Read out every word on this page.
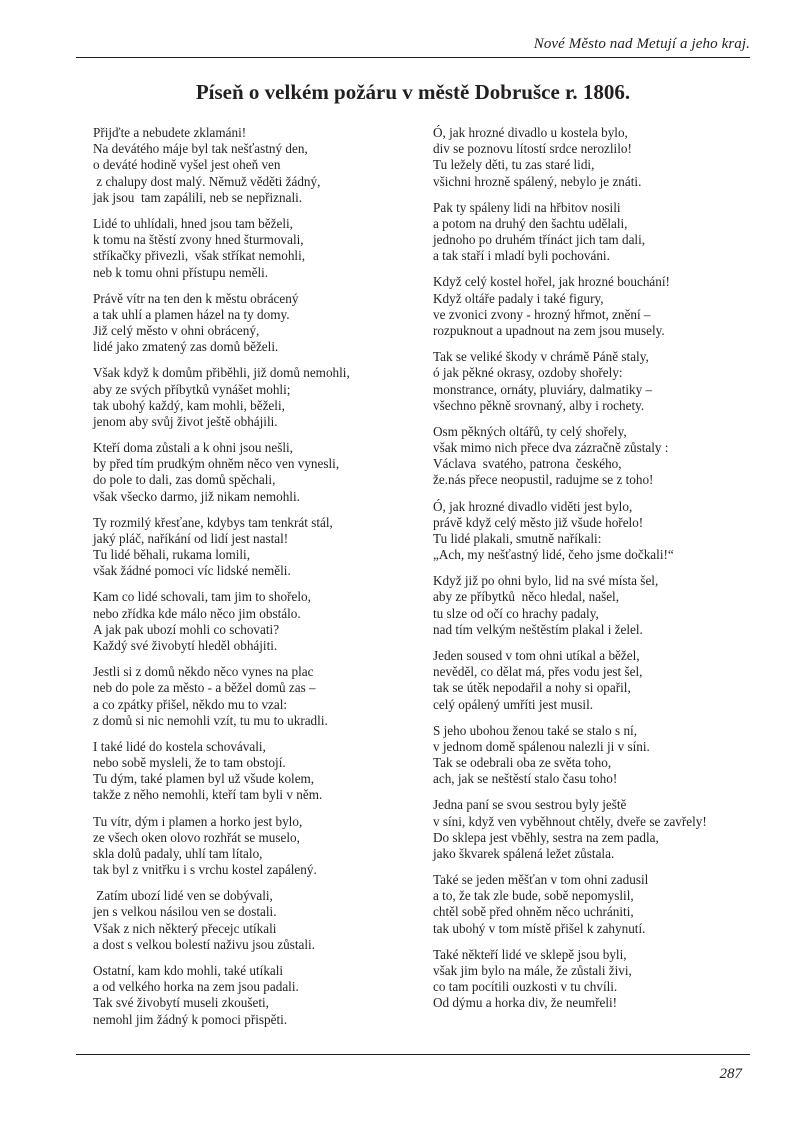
Nové Město nad Metují a jeho kraj.
Píseň o velkém požáru v městě Dobrušce r. 1806.
Přijďte a nebudete zklamáni!
Na devátého máje byl tak nešťastný den,
o deváté hodině vyšel jest oheň ven
z chalupy dost malý. Němuž věděti žádný,
jak jsou  tam zapálili, neb se nepřiznali.
Lidé to uhlídali, hned jsou tam běželi,
k tomu na štěstí zvony hned šturmovali,
stříkačky přivezli,  však stříkat nemohli,
neb k tomu ohni přístupu neměli.
Právě vítr na ten den k městu obrácený
a tak uhlí a plamen házel na ty domy.
Již celý město v ohni obrácený,
lidé jako zmatený zas domů běželi.
Však když k domům přiběhli, již domů nemohli,
aby ze svých příbytků vynášet mohli;
tak ubohý každý, kam mohli, běželi,
jenom aby svůj život ještě obhájili.
Kteří doma zůstali a k ohni jsou nešli,
by před tím prudkým ohněm něco ven vynesli,
do pole to dali, zas domů spěchali,
však všecko darmo, již nikam nemohli.
Ty rozmilý křesťane, kdybys tam tenkrát stál,
jaký pláč, naříkání od lidí jest nastal!
Tu lidé běhali, rukama lomili,
však žádné pomoci víc lidské neměli.
Kam co lidé schovali, tam jim to shořelo,
nebo zřídka kde málo něco jim obstálo.
A jak pak ubozí mohli co schovati?
Každý své živobytí hleděl obhájiti.
Jestli si z domů někdo něco vynes na plac
neb do pole za město - a běžel domů zas –
a co zpátky přišel, někdo mu to vzal:
z domů si nic nemohli vzít, tu mu to ukradli.
I také lidé do kostela schovávali,
nebo sobě mysleli, že to tam obstojí.
Tu dým, také plamen byl už všude kolem,
takže z něho nemohli, kteří tam byli v něm.
Tu vítr, dým i plamen a horko jest bylo,
ze všech oken olovo rozhřát se muselo,
skla dolů padaly, uhlí tam lítalo,
tak byl z vnitřku i s vrchu kostel zapálený.
Zatím ubozí lidé ven se dobývali,
jen s velkou násilou ven se dostali.
Však z nich některý přecejc utíkali
a dost s velkou bolestí naživu jsou zůstali.
Ostatní, kam kdo mohli, také utíkali
a od velkého horka na zem jsou padali.
Tak své živobytí museli zkoušeti,
nemohl jim žádný k pomoci přispěti.
Ó, jak hrozné divadlo u kostela bylo,
div se poznovu lítostí srdce nerozlilo!
Tu ležely děti, tu zas staré lidi,
všichni hrozně spálený, nebylo je znáti.
Pak ty spáleny lidi na hřbitov nosili
a potom na druhý den šachtu udělali,
jednoho po druhém třínáct jich tam dali,
a tak staří i mladí byli pochováni.
Když celý kostel hořel, jak hrozné bouchání!
Když oltáře padaly i také figury,
ve zvonici zvony - hrozný hřmot, znění –
rozpuknout a upadnout na zem jsou musely.
Tak se veliké škody v chrámě Páně staly,
ó jak pěkné okrasy, ozdoby shořely:
monstrance, ornáty, pluviáry, dalmatiky –
všechno pěkně srovnaný, alby i rochety.
Osm pěkných oltářů, ty celý shořely,
však mimo nich přece dva zázračně zůstaly :
Václava  svatého, patrona  českého,
že.nás přece neopustil, radujme se z toho!
Ó, jak hrozné divadlo viděti jest bylo,
právě když celý město již všude hořelo!
Tu lidé plakali, smutně naříkali:
„Ach, my nešťastný lidé, čeho jsme dočkali!“
Když již po ohni bylo, lid na své místa šel,
aby ze příbytků  něco hledal, našel,
tu slze od očí co hrachy padaly,
nad tím velkým neštěstím plakal i želel.
Jeden soused v tom ohni utíkal a běžel,
nevěděl, co dělat má, přes vodu jest šel,
tak se útěk nepodařil a nohy si opařil,
celý opálený umříti jest musil.
S jeho ubohou ženou také se stalo s ní,
v jednom domě spálenou nalezli ji v síni.
Tak se odebrali oba ze světa toho,
ach, jak se neštěstí stalo času toho!
Jedna paní se svou sestrou byly ještě
v síni, když ven vyběhnout chtěly, dveře se zavřely!
Do sklepa jest vběhly, sestra na zem padla,
jako škvarek spálená ležet zůstala.
Také se jeden měšťan v tom ohni zadusil
a to, že tak zle bude, sobě nepomyslil,
chtěl sobě před ohněm něco uchrániti,
tak ubohý v tom místě přišel k zahynutí.
Také někteří lidé ve sklepě jsou byli,
však jim bylo na mále, že zůstali živi,
co tam pocítili ouzkosti v tu chvíli.
Od dýmu a horka div, že neumřeli!
287
